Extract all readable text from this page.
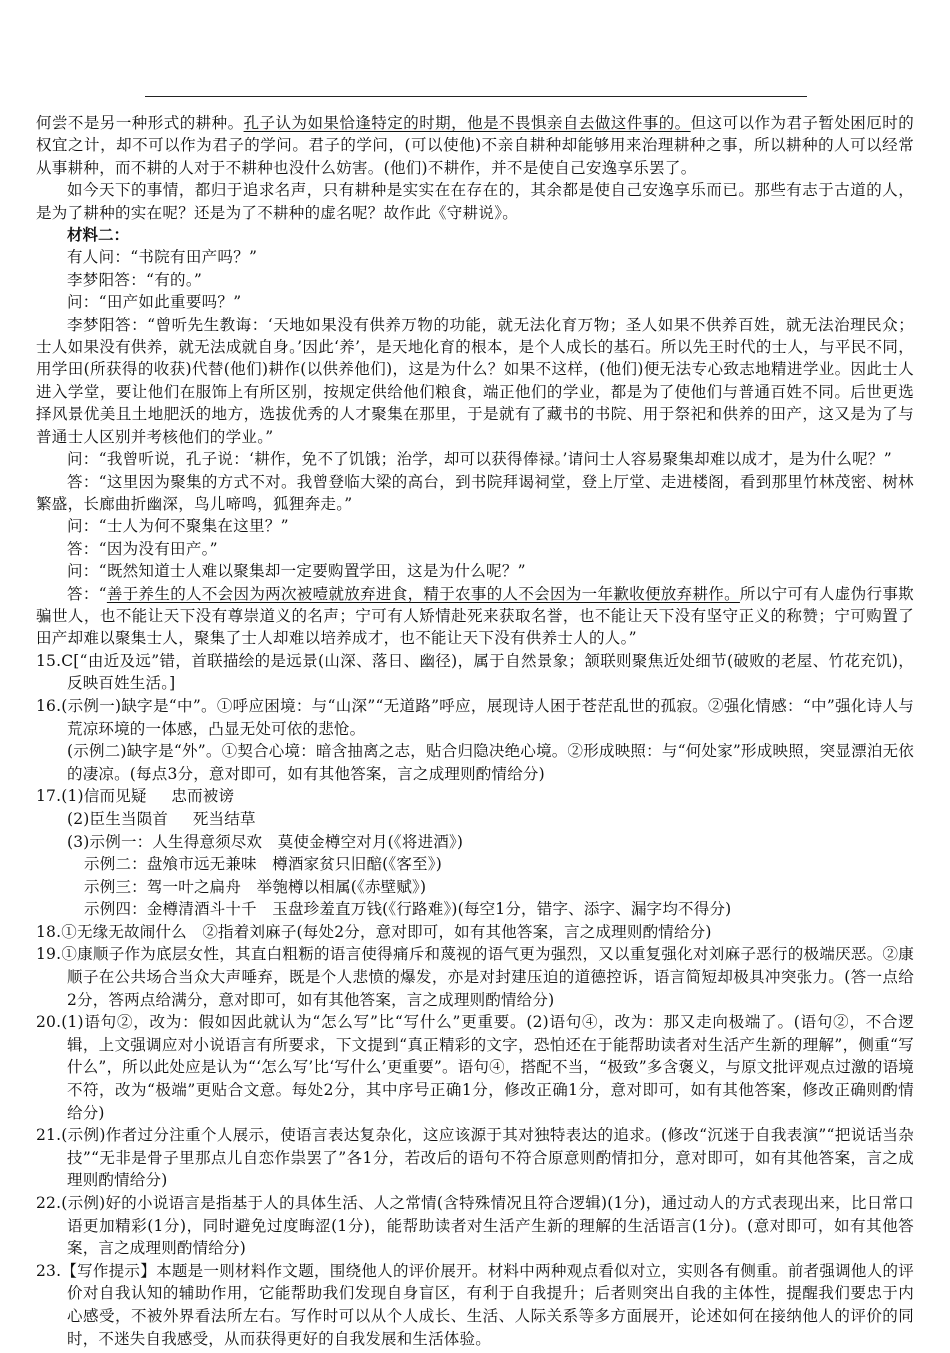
何尝不是另一种形式的耕种。孔子认为如果恰逢特定的时期，他是不畏惧亲自去做这件事的。但这可以作为君子暂处困厄时的权宜之计，却不可以作为君子的学问。君子的学问，(可以使他)不亲自耕种却能够用来治理耕种之事，所以耕种的人可以经常从事耕种，而不耕的人对于不耕种也没什么妨害。(他们)不耕作，并不是使自己安逸享乐罢了。

如今天下的事情，都归于追求名声，只有耕种是实实在在存在的，其余都是使自己安逸享乐而已。那些有志于古道的人，是为了耕种的实在呢？还是为了不耕种的虚名呢？故作此《守耕说》。

材料二：

有人问：“书院有田产吗？”

李梦阳答：“有的。”

问：“田产如此重要吗？”

李梦阳答：“曾听先生教诲：‘天地如果没有供养万物的功能，就无法化育万物；圣人如果不供养百姓，就无法治理民众；士人如果没有供养，就无法成就自身。’因此‘养’，是天地化育的根本，是个人成长的基石。所以先王时代的士人，与平民不同，用学田(所获得的收获)代替(他们)耕作(以供养他们)，这是为什么？如果不这样，(他们)便无法专心致志地精进学业。因此士人进入学堂，要让他们在服饰上有所区别，按规定供给他们粮食，端正他们的学业，都是为了使他们与普通百姓不同。后世更选择风景优美且土地肥沃的地方，选拔优秀的人才聚集在那里，于是就有了藏书的书院、用于祭祀和供养的田产，这又是为了与普通士人区别并考核他们的学业。”

问：“我曾听说，孔子说：‘耕作，免不了饥饿；治学，却可以获得俸禄。’请问士人容易聚集却难以成才，是为什么呢？”

答：“这里因为聚集的方式不对。我曾登临大梁的高台，到书院拜谒祠堂，登上厅堂、走进楼阁，看到那里竹林茂密、树林繁盛，长廊曲折幽深，鸟儿啼鸣，狐狸奔走。”

问：“士人为何不聚集在这里？”

答：“因为没有田产。”

问：“既然知道士人难以聚集却一定要购置学田，这是为什么呢？”

答：“善于养生的人不会因为两次被噎就放弃进食，精于农事的人不会因为一年歉收便放弃耕作。所以宁可有人虚伪行事欺骗世人，也不能让天下没有尊崇道义的名声；宁可有人矫情赴死来获取名誉，也不能让天下没有坚守正义的称赞；宁可购置了田产却难以聚集士人，聚集了士人却难以培养成才，也不能让天下没有供养士人的人。”

15.C[“由近及远”错，首联描绘的是远景(山深、落日、幽径)，属于自然景象；颔联则聚焦近处细节(破败的老屋、竹花充饥)，反映百姓生活。]

16.(示例一)缺字是“中”。①呼应困境：与“山深”“无道路”呼应，展现诗人困于苍茫乱世的孤寂。②强化情感：“中”强化诗人与荒凉环境的一体感，凸显无处可依的悲怆。

(示例二)缺字是“外”。①契合心境：暗含抽离之志，贴合归隐决绝心境。②形成映照：与“何处家”形成映照，突显漂泊无依的凄凉。(每点3分，意对即可，如有其他答案，言之成理则酌情给分)

17.(1)信而见疑 忠而被谤

(2)臣生当陨首 死当结草

(3)示例一：人生得意须尽欢 莫使金樽空对月(《将进酒》)

示例二：盘飧市远无兼味 樽酒家贫只旧醅(《客至》)

示例三：驾一叶之扁舟 举匏樽以相属(《赤壁赋》)

示例四：金樽清酒斗十千 玉盘珍羞直万钱(《行路难》)(每空1分，错字、添字、漏字均不得分)

18.①无缘无故闹什么 ②指着刘麻子(每处2分，意对即可，如有其他答案，言之成理则酌情给分)

19.①康顺子作为底层女性，其直白粗粝的语言使得痛斥和蔑视的语气更为强烈，又以重复强化对刘麻子恶行的极端厌恶。②康顺子在公共场合当众大声唾弃，既是个人悲愤的爆发，亦是对封建压迫的道德控诉，语言简短却极具冲突张力。(答一点给2分，答两点给满分，意对即可，如有其他答案，言之成理则酌情给分)

20.(1)语句②，改为：假如因此就认为“怎么写”比“写什么”更重要。(2)语句④，改为：那又走向极端了。(语句②，不合逻辑，上文强调应对小说语言有所要求，下文提到“真正精彩的文字，恐怕还在于能帮助读者对生活产生新的理解”，侧重“写什么”，所以此处应是认为“‘怎么写’比‘写什么’更重要”。语句④，搭配不当，“极致”多含褒义，与原文批评观点过激的语境不符，改为“极端”更贴合文意。每处2分，其中序号正确1分，修改正确1分，意对即可，如有其他答案，修改正确则酌情给分)

21.(示例)作者过分注重个人展示，使语言表达复杂化，这应该源于其对独特表达的追求。(修改“沉迷于自我表演”“把说话当杂技”“无非是骨子里那点儿自恋作祟罢了”各1分，若改后的语句不符合原意则酌情扣分，意对即可，如有其他答案，言之成理则酌情给分)

22.(示例)好的小说语言是指基于人的具体生活、人之常情(含特殊情况且符合逻辑)(1分)，通过动人的方式表现出来，比日常口语更加精彩(1分)，同时避免过度晦涩(1分)，能帮助读者对生活产生新的理解的生活语言(1分)。(意对即可，如有其他答案，言之成理则酌情给分)

23.【写作提示】本题是一则材料作文题，围绕他人的评价展开。材料中两种观点看似对立，实则各有侧重。前者强调他人的评价对自我认知的辅助作用，它能帮助我们发现自身盲区，有利于自我提升；后者则突出自我的主体性，提醒我们要忠于内心感受，不被外界看法所左右。写作时可以从个人成长、生活、人际关系等多方面展开，论述如何在接纳他人的评价的同时，不迷失自我感受，从而获得更好的自我发展和生活体验。
